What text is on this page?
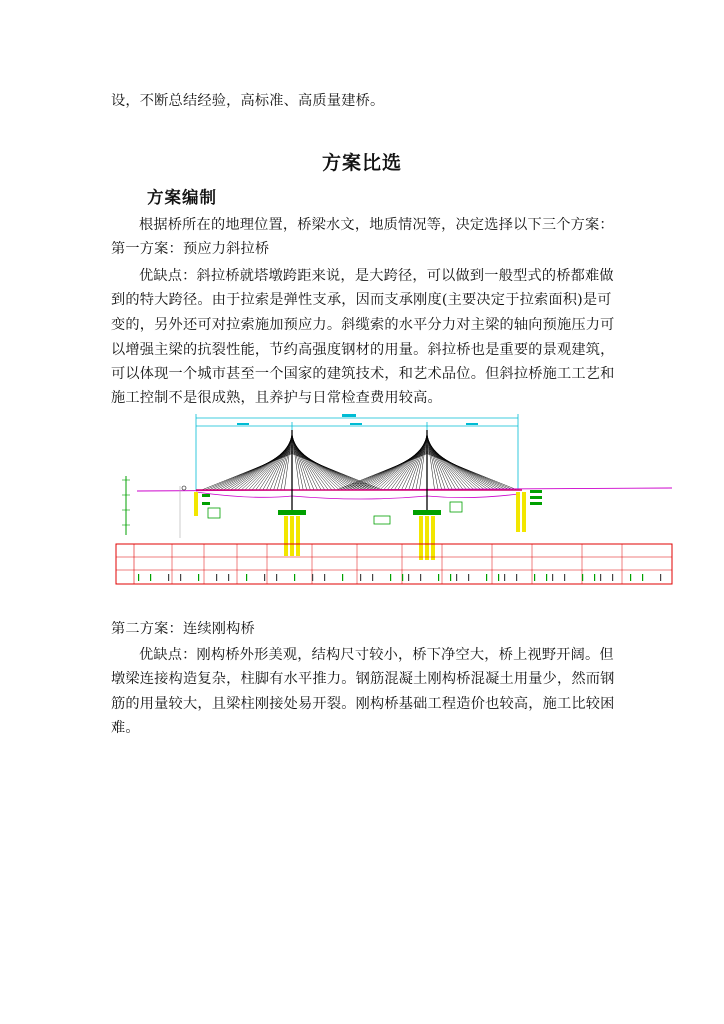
设，不断总结经验，高标准、高质量建桥。
方案比选
方案编制
根据桥所在的地理位置，桥梁水文，地质情况等，决定选择以下三个方案：
第一方案：预应力斜拉桥
优缺点：斜拉桥就塔墩跨距来说，是大跨径，可以做到一般型式的桥都难做
到的特大跨径。由于拉索是弹性支承，因而支承刚度(主要决定于拉索面积)是可
变的，另外还可对拉索施加预应力。斜缆索的水平分力对主梁的轴向预施压力可
以增强主梁的抗裂性能，节约高强度钢材的用量。斜拉桥也是重要的景观建筑，
可以体现一个城市甚至一个国家的建筑技术，和艺术品位。但斜拉桥施工工艺和
施工控制不是很成熟，且养护与日常检查费用较高。
第二方案：连续刚构桥
优缺点：刚构桥外形美观，结构尺寸较小，桥下净空大，桥上视野开阔。但
墩梁连接构造复杂，柱脚有水平推力。钢筋混凝土刚构桥混凝土用量少，然而钢
筋的用量较大，且梁柱刚接处易开裂。刚构桥基础工程造价也较高，施工比较困
难。
